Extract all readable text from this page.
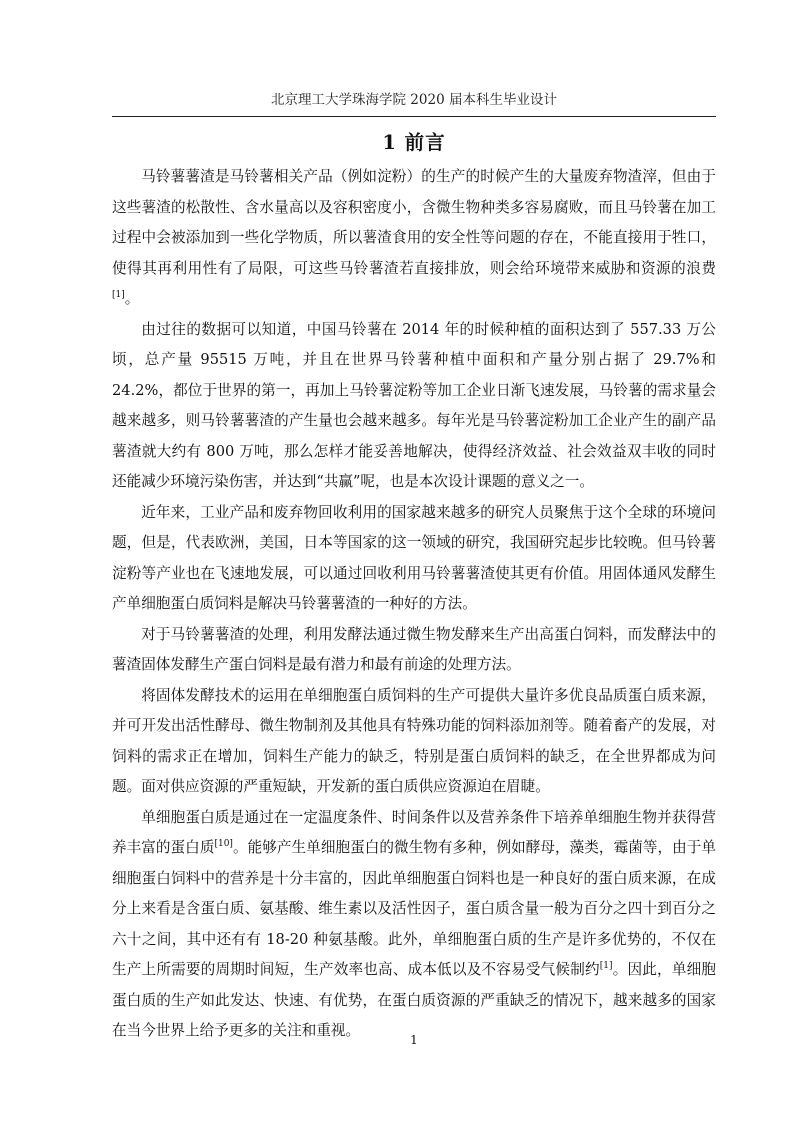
北京理工大学珠海学院 2020 届本科生毕业设计
1 前言

马铃薯薯渣是马铃薯相关产品（例如淀粉）的生产的时候产生的大量废弃物渣滓，但由于这些薯渣的松散性、含水量高以及容积密度小，含微生物种类多容易腐败，而且马铃薯在加工过程中会被添加到一些化学物质，所以薯渣食用的安全性等问题的存在，不能直接用于牲口，使得其再利用性有了局限，可这些马铃薯渣若直接排放，则会给环境带来威胁和资源的浪费[1]。

由过往的数据可以知道，中国马铃薯在 2014 年的时候种植的面积达到了 557.33 万公顷，总产量 95515 万吨，并且在世界马铃薯种植中面积和产量分别占据了 29.7%和 24.2%，都位于世界的第一，再加上马铃薯淀粉等加工企业日渐飞速发展，马铃薯的需求量会越来越多，则马铃薯薯渣的产生量也会越来越多。每年光是马铃薯淀粉加工企业产生的副产品薯渣就大约有 800 万吨，那么怎样才能妥善地解决，使得经济效益、社会效益双丰收的同时还能减少环境污染伤害，并达到“共赢”呢，也是本次设计课题的意义之一。

近年来，工业产品和废弃物回收利用的国家越来越多的研究人员聚焦于这个全球的环境问题，但是，代表欧洲，美国，日本等国家的这一领域的研究，我国研究起步比较晚。但马铃薯淀粉等产业也在飞速地发展，可以通过回收利用马铃薯薯渣使其更有价值。用固体通风发酵生产单细胞蛋白质饲料是解决马铃薯薯渣的一种好的方法。

对于马铃薯薯渣的处理，利用发酵法通过微生物发酵来生产出高蛋白饲料，而发酵法中的薯渣固体发酵生产蛋白饲料是最有潜力和最有前途的处理方法。

将固体发酵技术的运用在单细胞蛋白质饲料的生产可提供大量许多优良品质蛋白质来源，并可开发出活性酵母、微生物制剂及其他具有特殊功能的饲料添加剂等。随着畜产的发展，对饲料的需求正在增加，饲料生产能力的缺乏，特别是蛋白质饲料的缺乏，在全世界都成为问题。面对供应资源的严重短缺，开发新的蛋白质供应资源迫在眉睫。

单细胞蛋白质是通过在一定温度条件、时间条件以及营养条件下培养单细胞生物并获得营养丰富的蛋白质[10]。能够产生单细胞蛋白的微生物有多种，例如酵母，藻类，霉菌等，由于单细胞蛋白饲料中的营养是十分丰富的，因此单细胞蛋白饲料也是一种良好的蛋白质来源，在成分上来看是含蛋白质、氨基酸、维生素以及活性因子，蛋白质含量一般为百分之四十到百分之六十之间，其中还有有 18-20 种氨基酸。此外，单细胞蛋白质的生产是许多优势的，不仅在生产上所需要的周期时间短，生产效率也高、成本低以及不容易受气候制约[1]。因此，单细胞蛋白质的生产如此发达、快速、有优势，在蛋白质资源的严重缺乏的情况下，越来越多的国家在当今世界上给予更多的关注和重视。

1
